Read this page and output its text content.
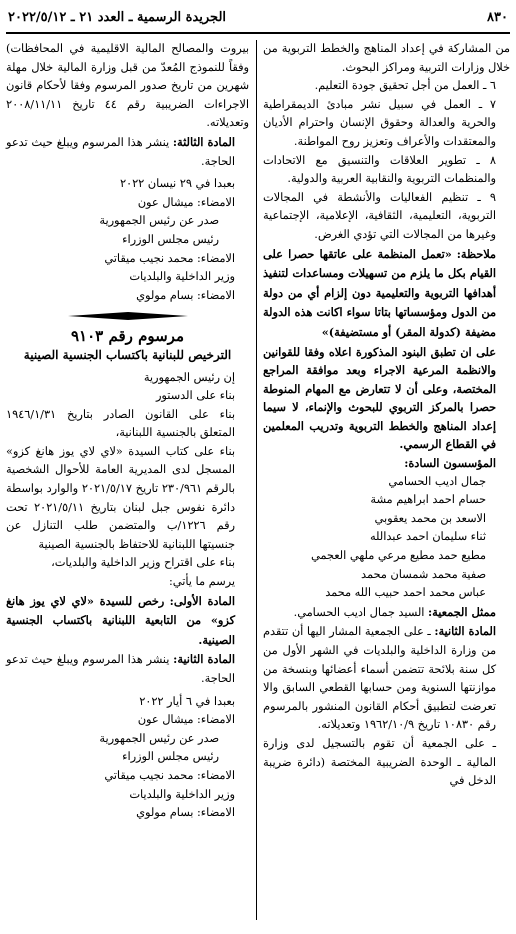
٨٣٠
الجريدة الرسمية ـ العدد ٢١ ـ ٢٠٢٢/٥/١٢

من المشاركة في إعداد المناهج والخطط التربوية من خلال وزارات التربية ومراكز البحوث.

٦ ـ العمل من أجل تحقيق جودة التعليم.

٧ ـ العمل في سبيل نشر مبادئ الديمقراطية والحرية والعدالة وحقوق الإنسان واحترام الأديان والمعتقدات والأعراف وتعزيز روح المواطنة.

٨ ـ تطوير العلاقات والتنسيق مع الاتحادات والمنظمات التربوية والنقابية العربية والدولية.

٩ ـ تنظيم الفعاليات والأنشطة في المجالات التربوية، التعليمية، الثقافية، الإعلامية، الإجتماعية وغيرها من المجالات التي تؤدي الغرض.

ملاحظة: «تعمل المنظمة على عاتقها حصرا على القيام بكل ما يلزم من تسهيلات ومساعدات لتنفيذ أهدافها التربوية والتعليمية دون إلزام أي من دولة من الدول ومؤسساتها بتاتا سواء اكانت هذه الدولة مضيفة (كدولة المقر) أو مستضيفة)»

على ان تطبق البنود المذكورة اعلاه وفقا للقوانين والانظمة المرعية الاجراء وبعد موافقة المراجع المختصة، وعلى أن لا تتعارض مع المهام المنوطة حصرا بالمركز التربوي للبحوث والإنماء، لا سيما إعداد المناهج والخطط التربوية وتدريب المعلمين في القطاع الرسمي.

المؤسسون السادة:

جمال اديب الحسامي

حسام احمد ابراهيم مشة

الاسعد بن محمد يعقوبي

ثناء سليمان احمد عبدالله

مطيع حمد مطيع مرعي ملهي العجمي

صفية محمد شمسان محمد

عباس محمد احمد حبيب الله محمد

ممثل الجمعية: السيد جمال اديب الحسامي.

المادة الثانية: ـ على الجمعية المشار اليها أن تتقدم من وزارة الداخلية والبلديات في الشهر الأول من كل سنة بلائحة تتضمن أسماء أعضائها وبنسخة من موازنتها السنوية ومن حسابها القطعي السابق والا تعرضت لتطبيق أحكام القانون المنشور بالمرسوم رقم ١٠٨٣٠ تاريخ ١٩٦٢/١٠/٩ وتعديلاته.

ـ على الجمعية أن تقوم بالتسجيل لدى وزارة المالية ـ الوحدة الضريبية المختصة (دائرة ضريبة الدخل في

بيروت والمصالح المالية الاقليمية في المحافظات) وفقاً للنموذج المُعدّ من قبل وزارة المالية خلال مهلة شهرين من تاريخ صدور المرسوم وفقا لأحكام قانون الاجراءات الضريبية رقم ٤٤ تاريخ ٢٠٠٨/١١/١١ وتعديلاته.

المادة الثالثة: ينشر هذا المرسوم ويبلغ حيث تدعو الحاجة.

بعبدا في ٢٩ نيسان ٢٠٢٢

الامضاء: ميشال عون

صدر عن رئيس الجمهورية

رئيس مجلس الوزراء

الامضاء: محمد نجيب ميقاتي

وزير الداخلية والبلديات

الامضاء: بسام مولوي

مرسوم رقم ٩١٠٣

الترخيص للبنانية باكتساب الجنسية الصينية

إن رئيس الجمهورية

بناء على الدستور

بناء على القانون الصادر بتاريخ ١٩٤٦/١/٣١ المتعلق بالجنسية اللبنانية،

بناء على كتاب السيدة «لاي لاي يوز هانغ كزو» المسجل لدى المديرية العامة للأحوال الشخصية بالرقم ٢٣٠/٩٦١ تاريخ ٢٠٢١/٥/١٧ والوارد بواسطة دائرة نفوس جبل لبنان بتاريخ ٢٠٢١/٥/١١ تحت رقم ١٢٢٦/ب والمتضمن طلب التنازل عن جنسيتها اللبنانية للاحتفاظ بالجنسية الصينية

بناء على اقتراح وزير الداخلية والبلديات،

يرسم ما يأتي:

المادة الأولى: رخص للسيدة «لاي لاي يوز هانغ كزو» من التابعية اللبنانية باكتساب الجنسية الصينية.

المادة الثانية: ينشر هذا المرسوم ويبلغ حيث تدعو الحاجة.

بعبدا في ٦ أيار ٢٠٢٢

الامضاء: ميشال عون

صدر عن رئيس الجمهورية

رئيس مجلس الوزراء

الامضاء: محمد نجيب ميقاتي

وزير الداخلية والبلديات

الامضاء: بسام مولوي
